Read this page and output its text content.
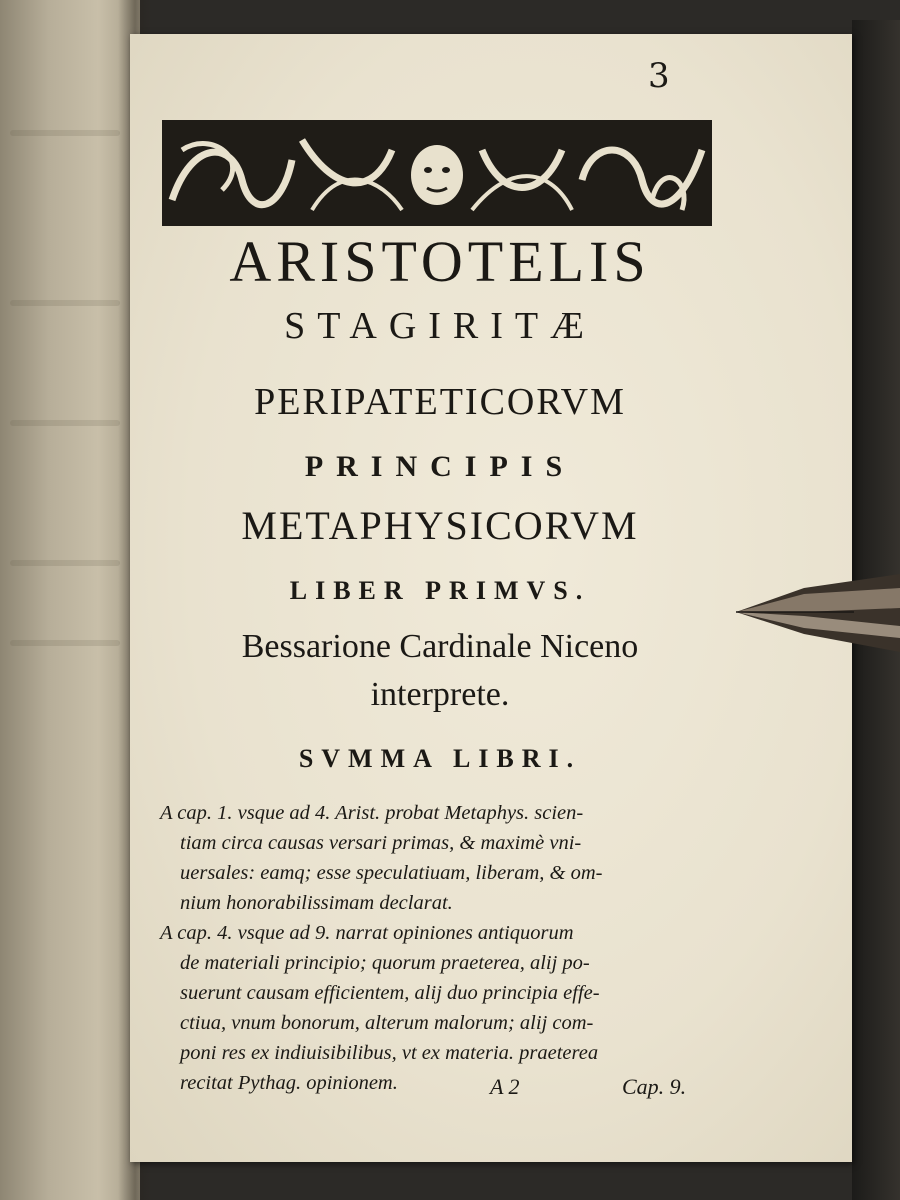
3
ARISTOTELIS
STAGIRITÆ
PERIPATETICORVM
PRINCIPIS
METAPHYSICORVM
LIBER PRIMVS.
Bessarione Cardinale Niceno
interprete.
SVMMA LIBRI.

A cap. 1. vsque ad 4. Arist. probat Metaphys. scien-

tiam circa causas versari primas, & maximè vni-

uersales: eamq; esse speculatiuam, liberam, & om-

nium honorabilissimam declarat.

A cap. 4. vsque ad 9. narrat opiniones antiquorum

de materiali principio; quorum praeterea, alij po-

suerunt causam efficientem, alij duo principia effe-

ctiua, vnum bonorum, alterum malorum; alij com-

poni res ex indiuisibilibus, vt ex materia. praeterea

recitat Pythag. opinionem.	A 2	Cap. 9.
